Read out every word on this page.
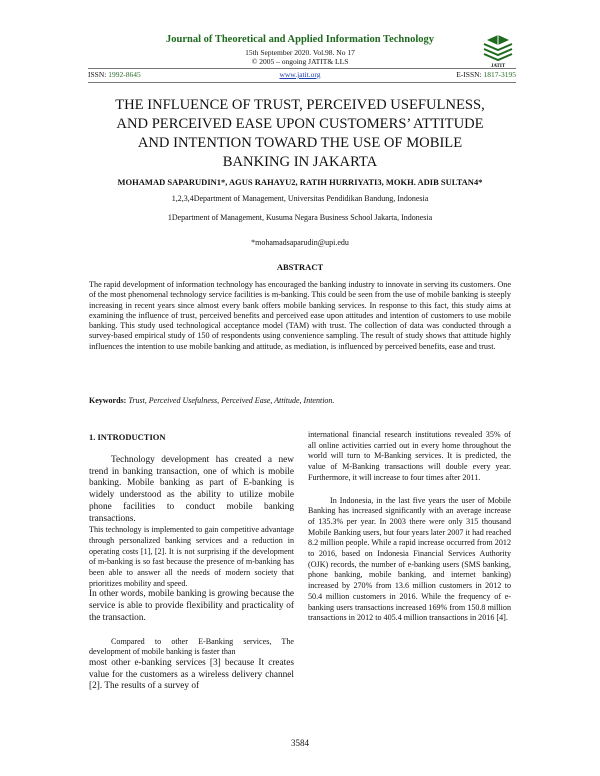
Journal of Theoretical and Applied Information Technology
15th September 2020. Vol.98. No 17
© 2005 – ongoing JATIT& LLS
JATIT
ISSN: 1992-8645	www.jatit.org	E-ISSN: 1817-3195
THE INFLUENCE OF TRUST, PERCEIVED USEFULNESS,
AND PERCEIVED EASE UPON CUSTOMERS’ ATTITUDE
AND INTENTION TOWARD THE USE OF MOBILE
BANKING IN JAKARTA
MOHAMAD SAPARUDIN1*, AGUS RAHAYU2, RATIH HURRIYATI3, MOKH. ADIB SULTAN4*
1,2,3,4Department of Management, Universitas Pendidikan Bandung, Indonesia
1Department of Management, Kusuma Negara Business School Jakarta, Indonesia
*mohamadsaparudin@upi.edu
ABSTRACT
The rapid development of information technology has encouraged the banking industry to innovate in serving its customers. One of the most phenomenal technology service facilities is m-banking. This could be seen from the use of mobile banking is steeply increasing in recent years since almost every bank offers mobile banking services. In response to this fact, this study aims at examining the influence of trust, perceived benefits and perceived ease upon attitudes and intention of customers to use mobile banking. This study used technological acceptance model (TAM) with trust. The collection of data was conducted through a survey-based empirical study of 150 of respondents using convenience sampling. The result of study shows that attitude highly influences the intention to use mobile banking and attitude, as mediation, is influenced by perceived benefits, ease and trust.
Keywords: Trust, Perceived Usefulness, Perceived Ease, Attitude, Intention.
1. INTRODUCTION

Technology development has created a new trend in banking transaction, one of which is mobile banking. Mobile banking as part of E-banking is widely understood as the ability to utilize mobile phone facilities to conduct mobile banking transactions.

This technology is implemented to gain competitive advantage through personalized banking services and a reduction in operating costs [1], [2]. It is not surprising if the development of m-banking is so fast because the presence of m-banking has been able to answer all the needs of modern society that prioritizes mobility and speed.

In other words, mobile banking is growing because the service is able to provide flexibility and practicality of the transaction.

Compared to other E-Banking services, The development of mobile banking is faster than

most other e-banking services [3] because It creates value for the customers as a wireless delivery channel [2]. The results of a survey of

international financial research institutions revealed 35% of all online activities carried out in every home throughout the world will turn to M-Banking services. It is predicted, the value of M-Banking transactions will double every year. Furthermore, it will increase to four times after 2011.

In Indonesia, in the last five years the user of Mobile Banking has increased significantly with an average increase of 135.3% per year. In 2003 there were only 315 thousand Mobile Banking users, but four years later 2007 it had reached 8.2 million people. While a rapid increase occurred from 2012 to 2016, based on Indonesia Financial Services Authority (OJK) records, the number of e-banking users (SMS banking, phone banking, mobile banking, and internet banking) increased by 270% from 13.6 million customers in 2012 to 50.4 million customers in 2016. While the frequency of e-banking users transactions increased 169% from 150.8 million transactions in 2012 to 405.4 million transactions in 2016 [4].

3584
